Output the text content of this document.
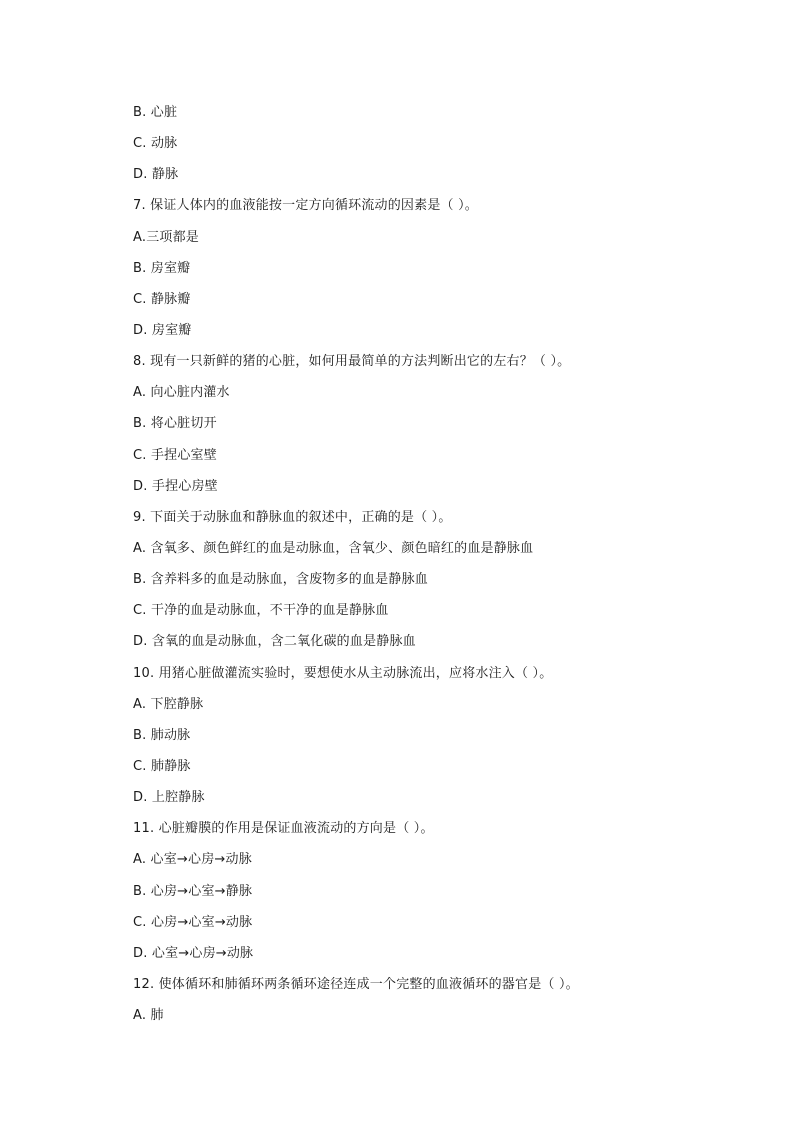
B. 心脏
C. 动脉
D. 静脉
7. 保证人体内的血液能按一定方向循环流动的因素是（ ）。
A.三项都是
B. 房室瓣
C. 静脉瓣
D. 房室瓣
8. 现有一只新鲜的猪的心脏，如何用最简单的方法判断出它的左右？（ ）。
A. 向心脏内灌水
B. 将心脏切开
C. 手捏心室壁
D. 手捏心房壁
9. 下面关于动脉血和静脉血的叙述中，正确的是（ ）。
A. 含氧多、颜色鲜红的血是动脉血，含氧少、颜色暗红的血是静脉血
B. 含养料多的血是动脉血，含废物多的血是静脉血
C. 干净的血是动脉血，不干净的血是静脉血
D. 含氧的血是动脉血，含二氧化碳的血是静脉血
10. 用猪心脏做灌流实验时，要想使水从主动脉流出，应将水注入（ ）。
A. 下腔静脉
B. 肺动脉
C. 肺静脉
D. 上腔静脉
11. 心脏瓣膜的作用是保证血液流动的方向是（ ）。
A. 心室→心房→动脉
B. 心房→心室→静脉
C. 心房→心室→动脉
D. 心室→心房→动脉
12. 使体循环和肺循环两条循环途径连成一个完整的血液循环的器官是（ ）。
A. 肺
